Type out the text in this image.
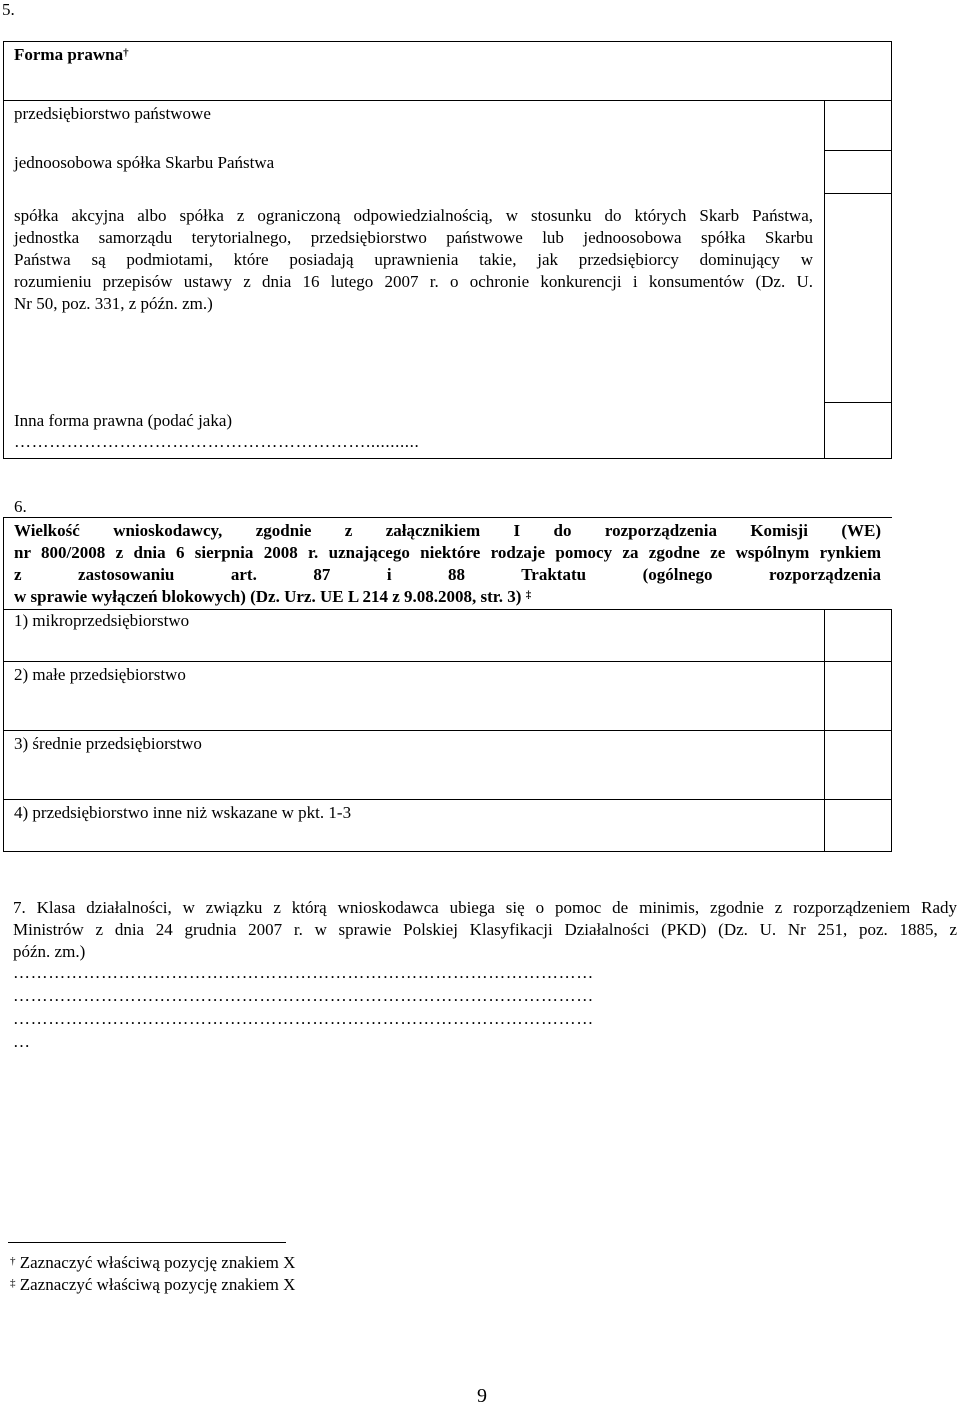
5.
Forma prawna†
przedsiębiorstwo państwowe
jednoosobowa spółka Skarbu Państwa
spółka akcyjna albo spółka z ograniczoną odpowiedzialnością, w stosunku do których Skarb Państwa,
jednostka samorządu terytorialnego, przedsiębiorstwo państwowe lub jednoosobowa spółka Skarbu
Państwa są podmiotami, które posiadają uprawnienia takie, jak przedsiębiorcy dominujący w
rozumieniu przepisów ustawy z dnia 16 lutego 2007 r. o ochronie konkurencji i konsumentów (Dz. U.
Nr 50, poz. 331, z późn. zm.)
Inna forma prawna (podać jaka)
……………………………………………………...........
6.
Wielkość wnioskodawcy, zgodnie z załącznikiem I do rozporządzenia Komisji (WE)
nr 800/2008 z dnia 6 sierpnia 2008 r. uznającego niektóre rodzaje pomocy za zgodne ze wspólnym rynkiem
z zastosowaniu art. 87 i 88 Traktatu (ogólnego rozporządzenia
w sprawie wyłączeń blokowych) (Dz. Urz. UE L 214 z 9.08.2008, str. 3) ‡
1) mikroprzedsiębiorstwo
2) małe przedsiębiorstwo
3) średnie przedsiębiorstwo
4) przedsiębiorstwo inne niż wskazane w pkt. 1-3
7. Klasa działalności, w związku z którą wnioskodawca ubiega się o pomoc de minimis, zgodnie z rozporządzeniem Rady
Ministrów z dnia 24 grudnia 2007 r. w sprawie Polskiej Klasyfikacji Działalności (PKD) (Dz. U. Nr 251, poz. 1885, z
późn. zm.)
………………………………………………………………………………………
………………………………………………………………………………………
………………………………………………………………………………………
…
† Zaznaczyć właściwą pozycję znakiem X
‡ Zaznaczyć właściwą pozycję znakiem X
9
